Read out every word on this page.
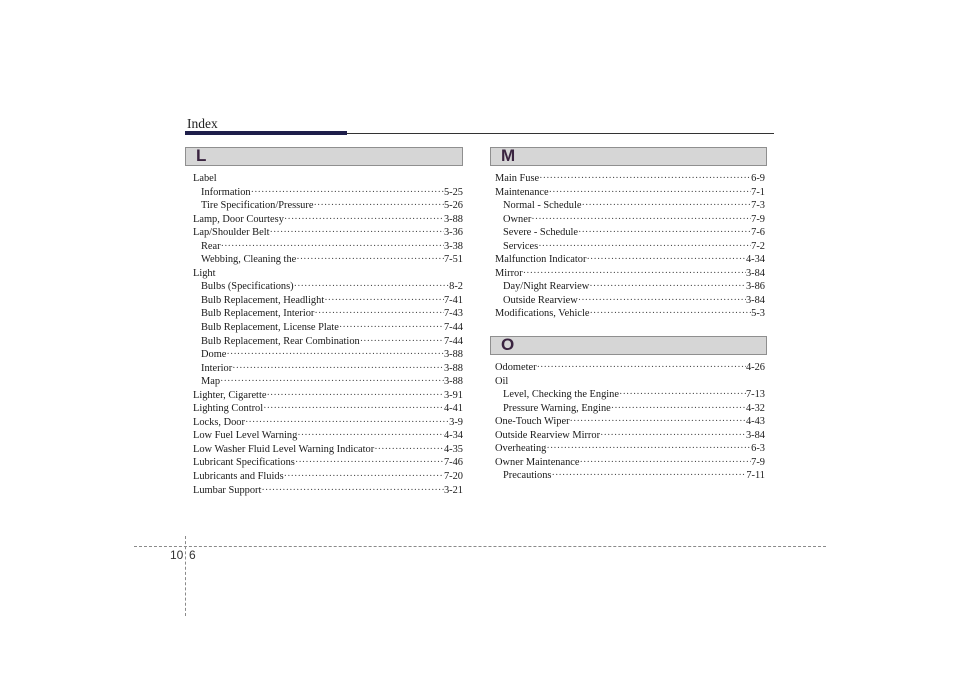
Index
L	M
O
Label
Information ·····	5-25
Tire Specification/Pressure ·····	5-26
Lamp, Door Courtesy ·····	3-88
Lap/Shoulder Belt ·····	3-36
Rear ·····	3-38
Webbing, Cleaning the ·····	7-51
Light
Bulbs (Specifications) ·····	8-2
Bulb Replacement, Headlight ·····	7-41
Bulb Replacement, Interior ·····	7-43
Bulb Replacement, License Plate ·····	7-44
Bulb Replacement, Rear Combination ·····	7-44
Dome ·····	3-88
Interior ·····	3-88
Map ·····	3-88
Lighter, Cigarette ·····	3-91
Lighting Control ·····	4-41
Locks, Door ·····	3-9
Low Fuel Level Warning ·····	4-34
Low Washer Fluid Level Warning Indicator ·····	4-35
Lubricant Specifications ·····	7-46
Lubricants and Fluids ·····	7-20
Lumbar Support ·····	3-21
Main Fuse ·····	6-9
Maintenance ·····	7-1
Normal - Schedule ·····	7-3
Owner ·····	7-9
Severe - Schedule ·····	7-6
Services ·····	7-2
Malfunction Indicator ·····	4-34
Mirror ·····	3-84
Day/Night Rearview ·····	3-86
Outside Rearview ·····	3-84
Modifications, Vehicle ·····	5-3
Odometer ·····	4-26
Oil
Level, Checking the Engine ·····	7-13
Pressure Warning, Engine ·····	4-32
One-Touch Wiper ·····	4-43
Outside Rearview Mirror ·····	3-84
Overheating ·····	6-3
Owner Maintenance ·····	7-9
Precautions ·····	7-11
10 6
